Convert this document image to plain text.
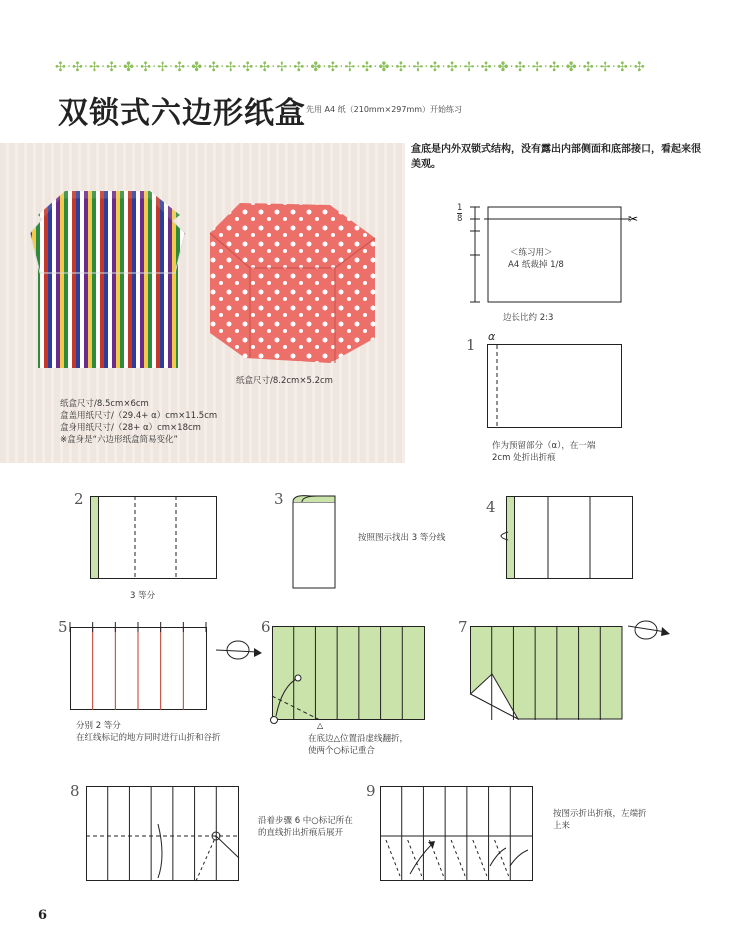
✣·✣·✢·✣·✤·✣·✢·✣·✤·✣·✢·✣·✣·✢·✣·✤·✣·✢·✣·✤·✣·✢·✣·✣·✢·✣·✤·✣·✢·✣·✤·✣·✢·✣·✣
双锁式六边形纸盒 先用 A4 纸（210mm×297mm）开始练习
盒底是内外双锁式结构，没有露出内部侧面和底部接口，看起来很美观。
纸盒尺寸/8.2cm×5.2cm
纸盒尺寸/8.5cm×6cm
盒盖用纸尺寸/（29.4+ α）cm×11.5cm
盒身用纸尺寸/（28+ α）cm×18cm
※盒身是“六边形纸盒简易变化”
✂
$\frac{1}{8}$
＜练习用＞
A4 纸裁掉 1/8
边长比约 2:3
1 α
作为预留部分（α），在一端
2cm 处折出折痕
2
3 等分
3
按照图示找出 3 等分线
4
5
分别 2 等分
在红线标记的地方同时进行山折和谷折
6
△
在底边△位置沿虚线翻折，
使两个○标记重合
7
8
沿着步骤 6 中○标记所在
的直线折出折痕后展开
9
按图示折出折痕，左端折
上来
6
